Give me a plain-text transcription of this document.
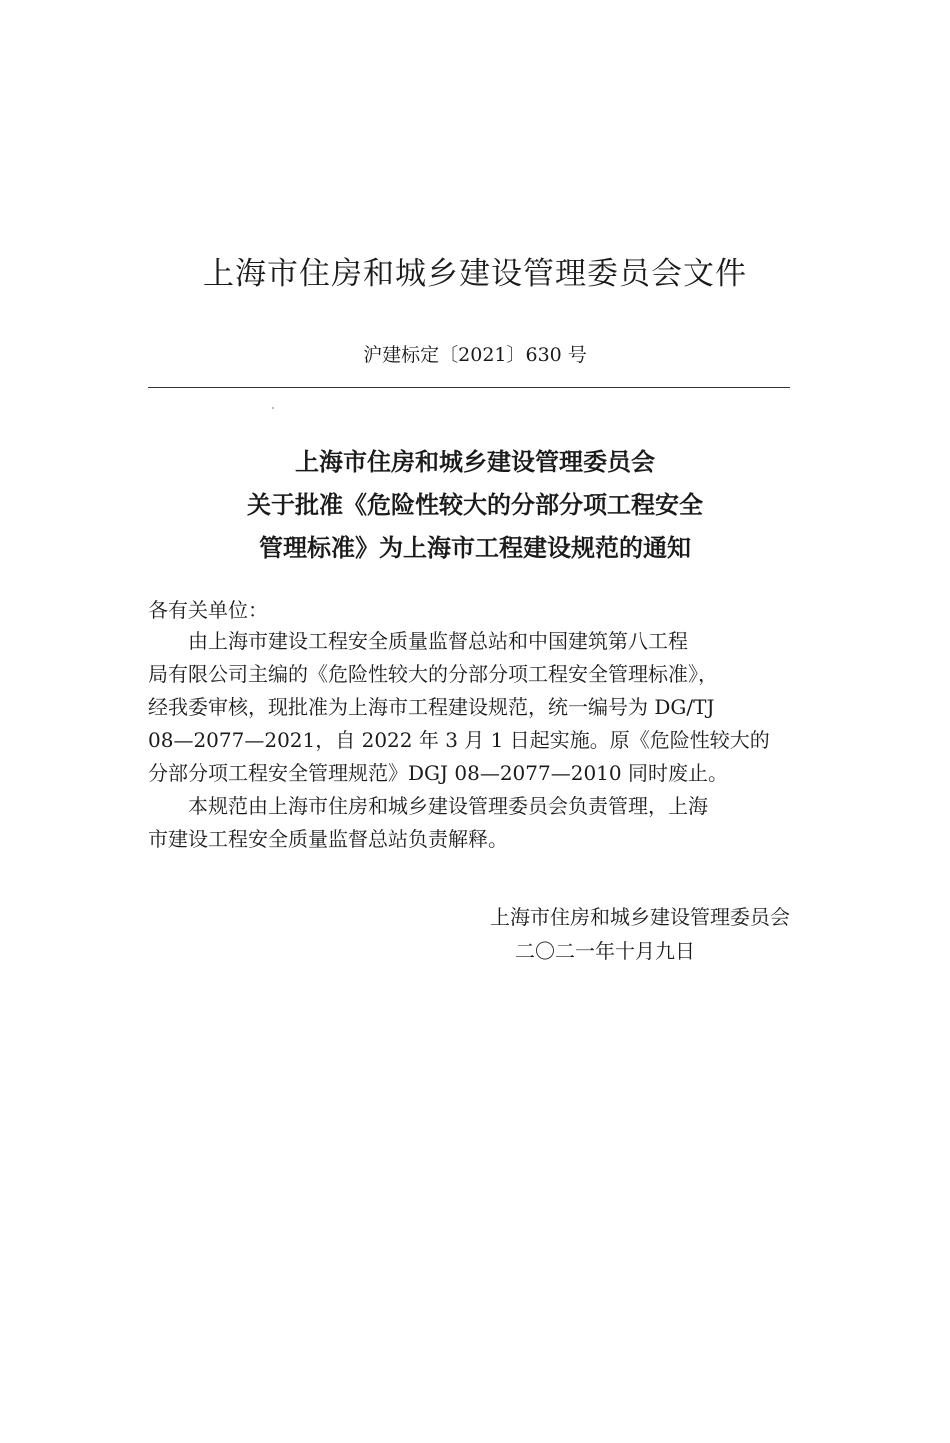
上海市住房和城乡建设管理委员会文件
沪建标定〔2021〕630 号
上海市住房和城乡建设管理委员会
关于批准《危险性较大的分部分项工程安全
管理标准》为上海市工程建设规范的通知
各有关单位：
由上海市建设工程安全质量监督总站和中国建筑第八工程
局有限公司主编的《危险性较大的分部分项工程安全管理标准》，
经我委审核，现批准为上海市工程建设规范，统一编号为 DG/TJ
08—2077—2021，自 2022 年 3 月 1 日起实施。原《危险性较大的
分部分项工程安全管理规范》DGJ 08—2077—2010 同时废止。
本规范由上海市住房和城乡建设管理委员会负责管理，上海
市建设工程安全质量监督总站负责解释。
上海市住房和城乡建设管理委员会
二〇二一年十月九日
